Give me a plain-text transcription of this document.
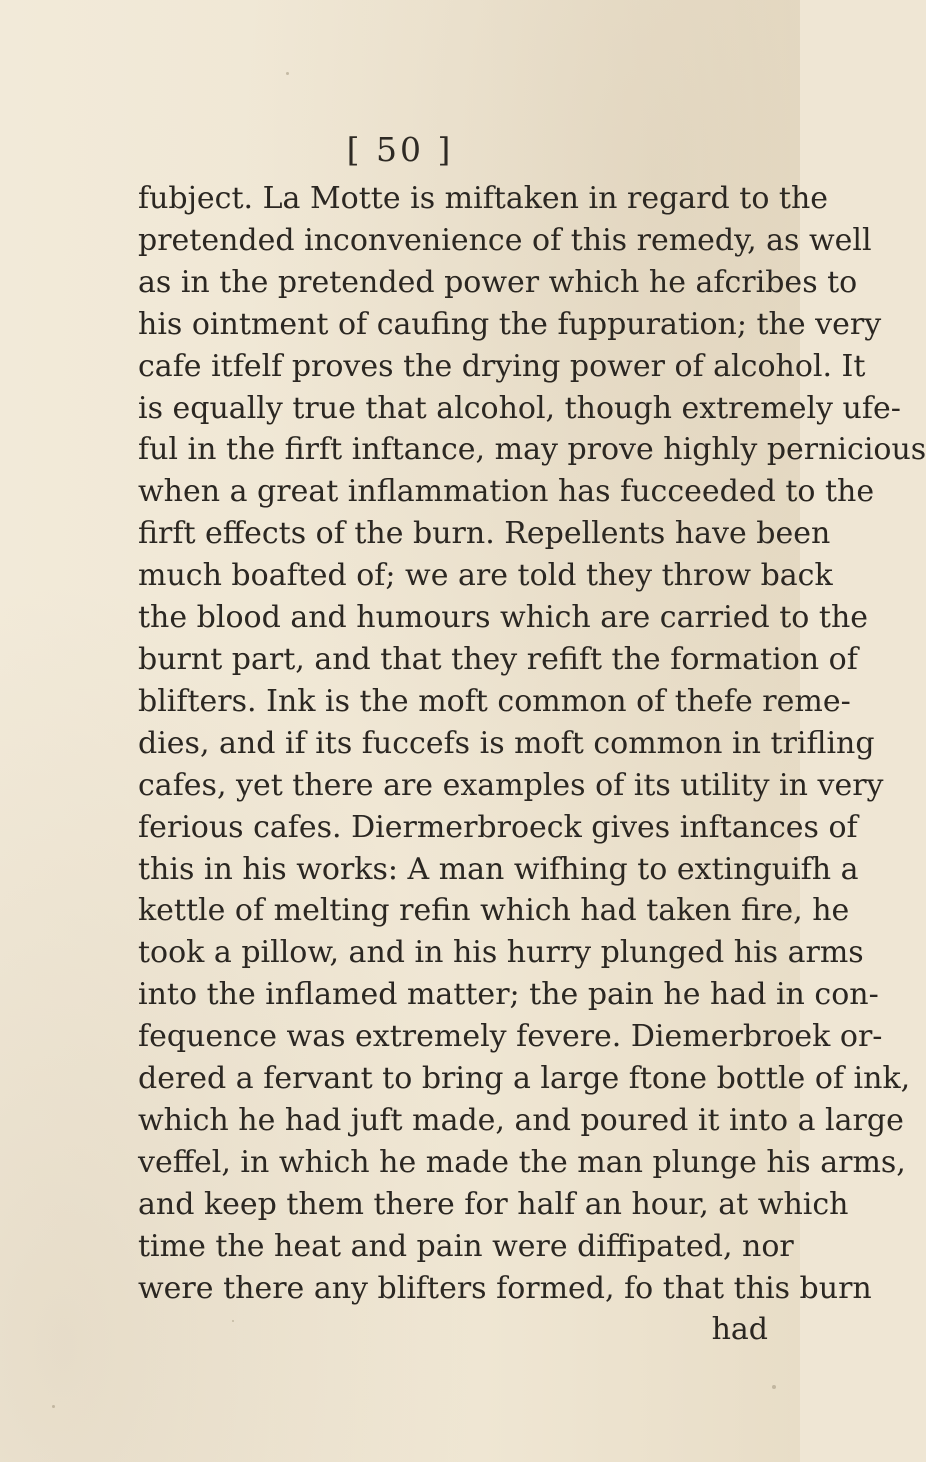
[ 50 ]
fubject. La Motte is miftaken in regard to the
pretended inconvenience of this remedy, as well
as in the pretended power which he afcribes to
his ointment of caufing the fuppuration; the very
cafe itfelf proves the drying power of alcohol. It
is equally true that alcohol, though extremely ufe-
ful in the firft inftance, may prove highly pernicious
when a great inflammation has fucceeded to the
firft effects of the burn. Repellents have been
much boafted of; we are told they throw back
the blood and humours which are carried to the
burnt part, and that they refift the formation of
blifters. Ink is the moft common of thefe reme-
dies, and if its fuccefs is moft common in trifling
cafes, yet there are examples of its utility in very
ferious cafes. Diermerbroeck gives inftances of
this in his works: A man wifhing to extinguifh a
kettle of melting refin which had taken fire, he
took a pillow, and in his hurry plunged his arms
into the inflamed matter; the pain he had in con-
fequence was extremely fevere. Diemerbroek or-
dered a fervant to bring a large ftone bottle of ink,
which he had juft made, and poured it into a large
veffel, in which he made the man plunge his arms,
and keep them there for half an hour, at which
time the heat and pain were diffipated, nor
were there any blifters formed, fo that this burn
had
